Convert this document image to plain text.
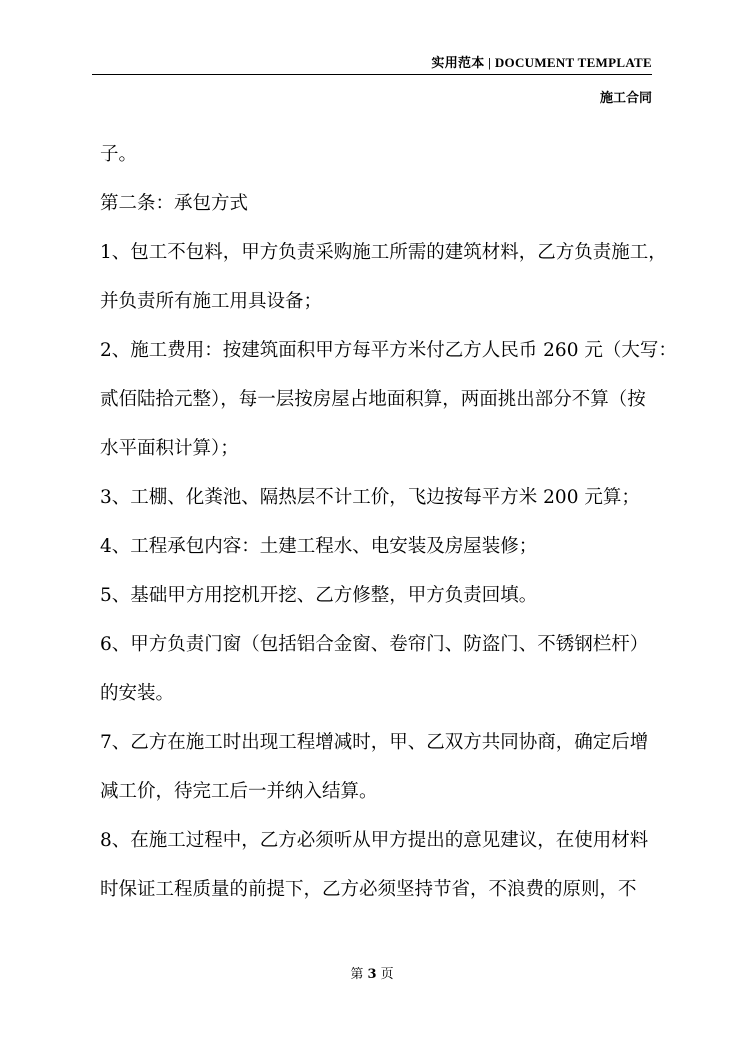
实用范本 | DOCUMENT TEMPLATE
施工合同
子。
第二条：承包方式
1、包工不包料，甲方负责采购施工所需的建筑材料，乙方负责施工，
并负责所有施工用具设备；
2、施工费用：按建筑面积甲方每平方米付乙方人民币 260 元（大写：
贰佰陆拾元整），每一层按房屋占地面积算，两面挑出部分不算（按
水平面积计算）；
3、工棚、化粪池、隔热层不计工价，飞边按每平方米 200 元算；
4、工程承包内容：土建工程水、电安装及房屋装修；
5、基础甲方用挖机开挖、乙方修整，甲方负责回填。
6、甲方负责门窗（包括铝合金窗、卷帘门、防盗门、不锈钢栏杆）
的安装。
7、乙方在施工时出现工程增减时，甲、乙双方共同协商，确定后增
减工价，待完工后一并纳入结算。
8、在施工过程中，乙方必须听从甲方提出的意见建议，在使用材料
时保证工程质量的前提下，乙方必须坚持节省，不浪费的原则，不
第 3 页
